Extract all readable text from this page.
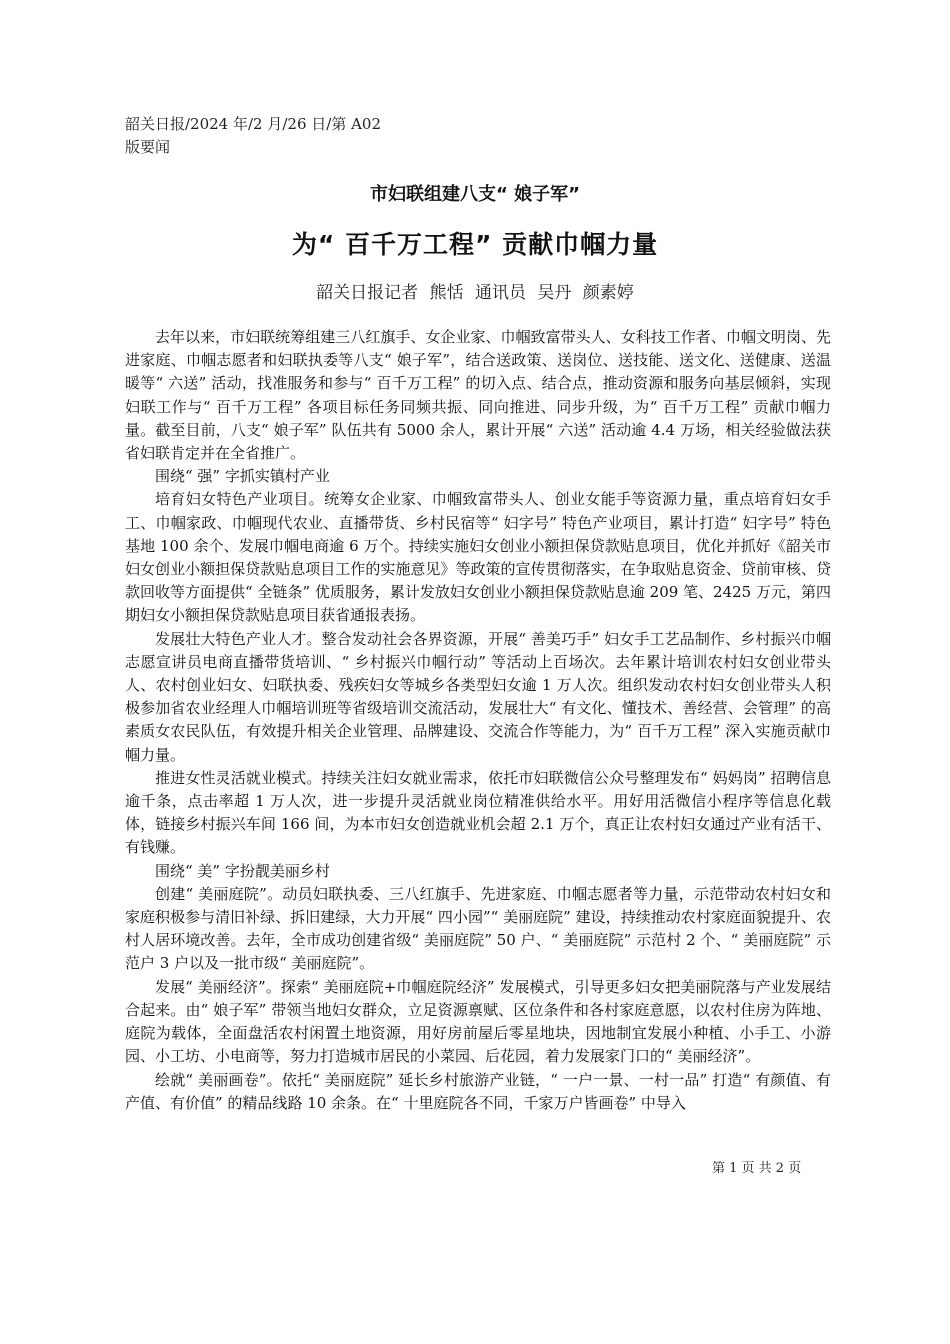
韶关日报/2024 年/2 月/26 日/第 A02
版要闻
市妇联组建八支“ 娘子军”
为“ 百千万工程” 贡献巾帼力量
韶关日报记者 熊恬 通讯员 吴丹 颜素婷

去年以来，市妇联统筹组建三八红旗手、女企业家、巾帼致富带头人、女科技工作者、巾帼文明岗、先进家庭、巾帼志愿者和妇联执委等八支“ 娘子军”，结合送政策、送岗位、送技能、送文化、送健康、送温暖等“ 六送” 活动，找准服务和参与“ 百千万工程” 的切入点、结合点，推动资源和服务向基层倾斜，实现妇联工作与“ 百千万工程” 各项目标任务同频共振、同向推进、同步升级，为“ 百千万工程” 贡献巾帼力量。截至目前，八支“ 娘子军” 队伍共有 5000 余人，累计开展“ 六送” 活动逾 4.4 万场，相关经验做法获省妇联肯定并在全省推广。

围绕“ 强” 字抓实镇村产业

培育妇女特色产业项目。统筹女企业家、巾帼致富带头人、创业女能手等资源力量，重点培育妇女手工、巾帼家政、巾帼现代农业、直播带货、乡村民宿等“ 妇字号” 特色产业项目，累计打造“ 妇字号” 特色基地 100 余个、发展巾帼电商逾 6 万个。持续实施妇女创业小额担保贷款贴息项目，优化并抓好《韶关市妇女创业小额担保贷款贴息项目工作的实施意见》等政策的宣传贯彻落实，在争取贴息资金、贷前审核、贷款回收等方面提供“ 全链条” 优质服务，累计发放妇女创业小额担保贷款贴息逾 209 笔、2425 万元，第四期妇女小额担保贷款贴息项目获省通报表扬。

发展壮大特色产业人才。整合发动社会各界资源，开展“ 善美巧手” 妇女手工艺品制作、乡村振兴巾帼志愿宣讲员电商直播带货培训、“ 乡村振兴巾帼行动” 等活动上百场次。去年累计培训农村妇女创业带头人、农村创业妇女、妇联执委、残疾妇女等城乡各类型妇女逾 1 万人次。组织发动农村妇女创业带头人积极参加省农业经理人巾帼培训班等省级培训交流活动，发展壮大“ 有文化、懂技术、善经营、会管理” 的高素质女农民队伍，有效提升相关企业管理、品牌建设、交流合作等能力，为“ 百千万工程” 深入实施贡献巾帼力量。

推进女性灵活就业模式。持续关注妇女就业需求，依托市妇联微信公众号整理发布“ 妈妈岗” 招聘信息逾千条，点击率超 1 万人次，进一步提升灵活就业岗位精准供给水平。用好用活微信小程序等信息化载体，链接乡村振兴车间 166 间，为本市妇女创造就业机会超 2.1 万个，真正让农村妇女通过产业有活干、有钱赚。

围绕“ 美” 字扮靓美丽乡村

创建“ 美丽庭院”。动员妇联执委、三八红旗手、先进家庭、巾帼志愿者等力量，示范带动农村妇女和家庭积极参与清旧补绿、拆旧建绿，大力开展“ 四小园”“ 美丽庭院” 建设，持续推动农村家庭面貌提升、农村人居环境改善。去年，全市成功创建省级“ 美丽庭院” 50 户、“ 美丽庭院” 示范村 2 个、“ 美丽庭院” 示范户 3 户以及一批市级“ 美丽庭院”。

发展“ 美丽经济”。探索“ 美丽庭院+巾帼庭院经济” 发展模式，引导更多妇女把美丽院落与产业发展结合起来。由“ 娘子军” 带领当地妇女群众，立足资源禀赋、区位条件和各村家庭意愿，以农村住房为阵地、庭院为载体，全面盘活农村闲置土地资源，用好房前屋后零星地块，因地制宜发展小种植、小手工、小游园、小工坊、小电商等，努力打造城市居民的小菜园、后花园，着力发展家门口的“ 美丽经济”。

绘就“ 美丽画卷”。依托“ 美丽庭院” 延长乡村旅游产业链，“ 一户一景、一村一品” 打造“ 有颜值、有产值、有价值” 的精品线路 10 余条。在“ 十里庭院各不同，千家万户皆画卷” 中导入

第 1 页 共 2 页
